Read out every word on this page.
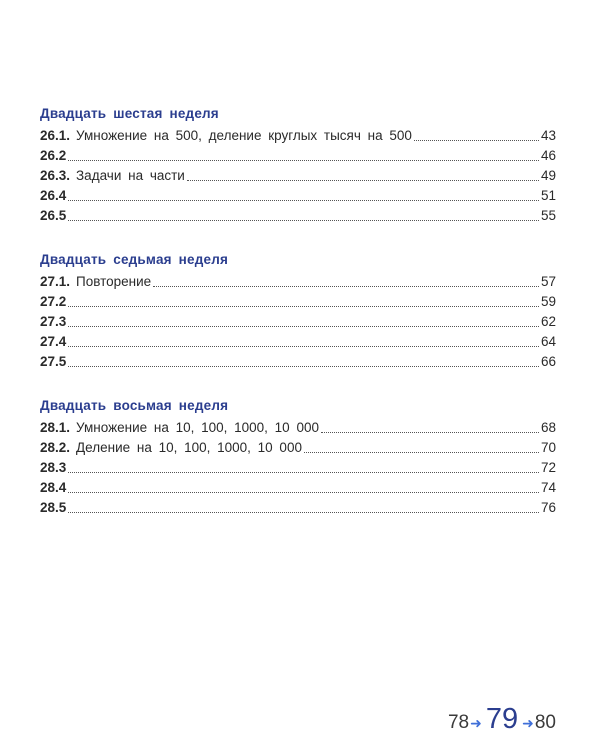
Двадцать шестая неделя
26.1. Умножение на 500, деление круглых тысяч на 500	43
26.2	46
26.3. Задачи на части	49
26.4	51
26.5	55
Двадцать седьмая неделя
27.1. Повторение	57
27.2	59
27.3	62
27.4	64
27.5	66
Двадцать восьмая неделя
28.1. Умножение на 10, 100, 1000, 10 000	68
28.2. Деление на 10, 100, 1000, 10 000	70
28.3	72
28.4	74
28.5	76
78 ➜ 79 ➜ 80
